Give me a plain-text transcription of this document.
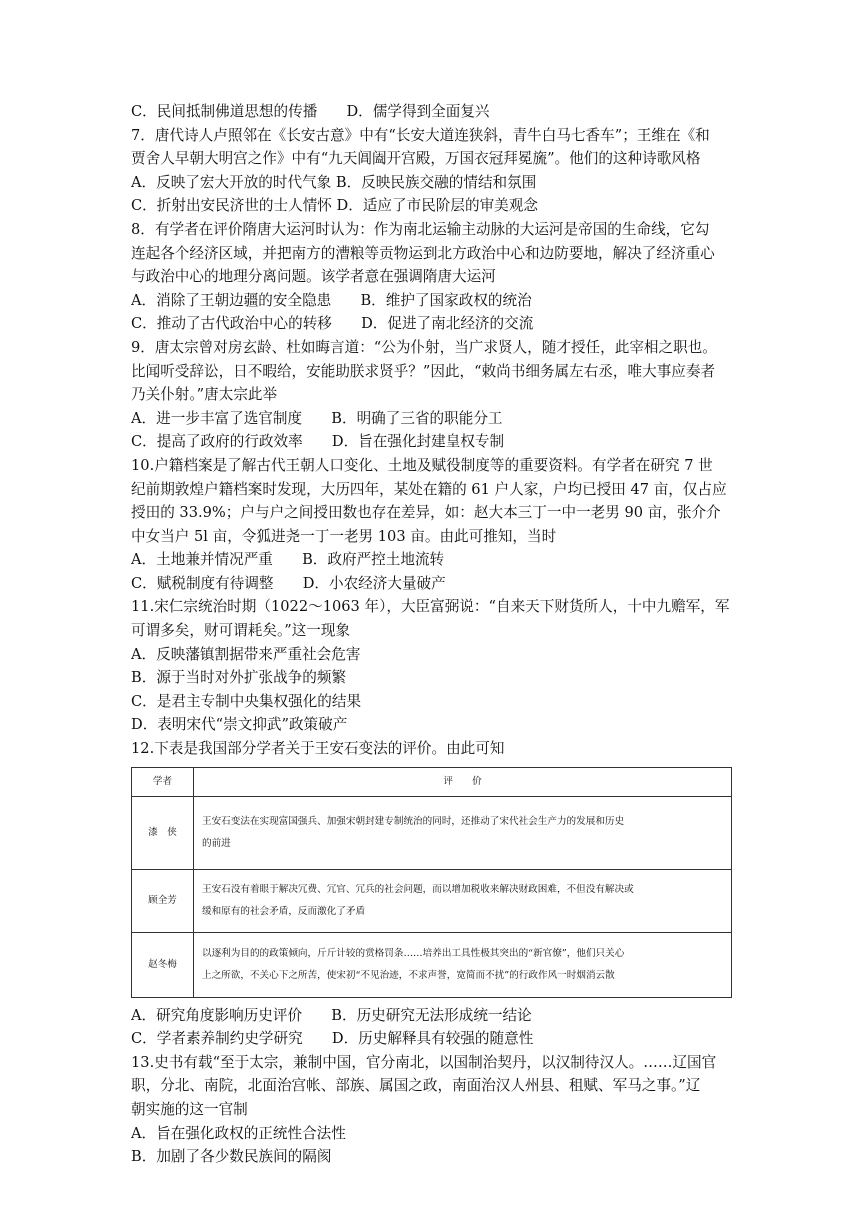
C．民间抵制佛道思想的传播　　D．儒学得到全面复兴
7．唐代诗人卢照邻在《长安古意》中有“长安大道连狭斜，青牛白马七香车”；王维在《和
贾舍人早朝大明宫之作》中有“九天阊阖开宫殿，万国衣冠拜冕旒”。他们的这种诗歌风格
A．反映了宏大开放的时代气象 B．反映民族交融的情结和氛围
C．折射出安民济世的士人情怀 D．适应了市民阶层的审美观念
8．有学者在评价隋唐大运河时认为：作为南北运输主动脉的大运河是帝国的生命线，它勾
连起各个经济区域，并把南方的漕粮等贡物运到北方政治中心和边防要地，解决了经济重心
与政治中心的地理分离问题。该学者意在强调隋唐大运河
A．消除了王朝边疆的安全隐患　　B．维护了国家政权的统治
C．推动了古代政治中心的转移　　D．促进了南北经济的交流
9．唐太宗曾对房玄龄、杜如晦言道：“公为仆射，当广求贤人，随才授任，此宰相之职也。
比闻听受辞讼，日不暇给，安能助朕求贤乎？”因此，“敕尚书细务属左右丞，唯大事应奏者
乃关仆射。”唐太宗此举
A．进一步丰富了选官制度　　B．明确了三省的职能分工
C．提高了政府的行政效率　　D．旨在强化封建皇权专制
10.户籍档案是了解古代王朝人口变化、土地及赋役制度等的重要资料。有学者在研究 7 世
纪前期敦煌户籍档案时发现，大历四年，某处在籍的 61 户人家，户均已授田 47 亩，仅占应
授田的 33.9%；户与户之间授田数也存在差异，如：赵大本三丁一中一老男 90 亩，张介介
中女当户 5l 亩，令狐进尧一丁一老男 103 亩。由此可推知，当时
A．土地兼并情况严重　　B．政府严控土地流转
C．赋税制度有待调整　　D．小农经济大量破产
11.宋仁宗统治时期（1022～1063 年），大臣富弼说：“自来天下财货所人，十中九赡军，军
可谓多矣，财可谓耗矣。”这一现象
A．反映藩镇割据带来严重社会危害
B．源于当时对外扩张战争的频繁
C．是君主专制中央集权强化的结果
D．表明宋代“崇文抑武”政策破产
12.下表是我国部分学者关于王安石变法的评价。由此可知
学者	评　　价
漆　侠	王安石变法在实现富国强兵、加强宋朝封建专制统治的同时，还推动了宋代社会生产力的发展和历史
的前进

顾全芳	王安石没有着眼于解决冗费、冗官、冗兵的社会问题，而以增加税收来解决财政困难，不但没有解决或
缓和原有的社会矛盾，反而激化了矛盾

赵冬梅	以逐利为目的的政策倾向，斤斤计较的赏格罚条……培养出工具性极其突出的“新官僚”，他们只关心
上之所欲，不关心下之所苦，使宋初“不见治迹，不求声誉，宽简而不扰”的行政作风一时烟消云散
A．研究角度影响历史评价　　B．历史研究无法形成统一结论
C．学者素养制约史学研究　　D．历史解释具有较强的随意性
13.史书有载“至于太宗，兼制中国，官分南北，以国制治契丹，以汉制待汉人。……辽国官
职，分北、南院，北面治宫帐、部族、属国之政，南面治汉人州县、租赋、军马之事。”辽
朝实施的这一官制
A．旨在强化政权的正统性合法性
B．加剧了各少数民族间的隔阂
